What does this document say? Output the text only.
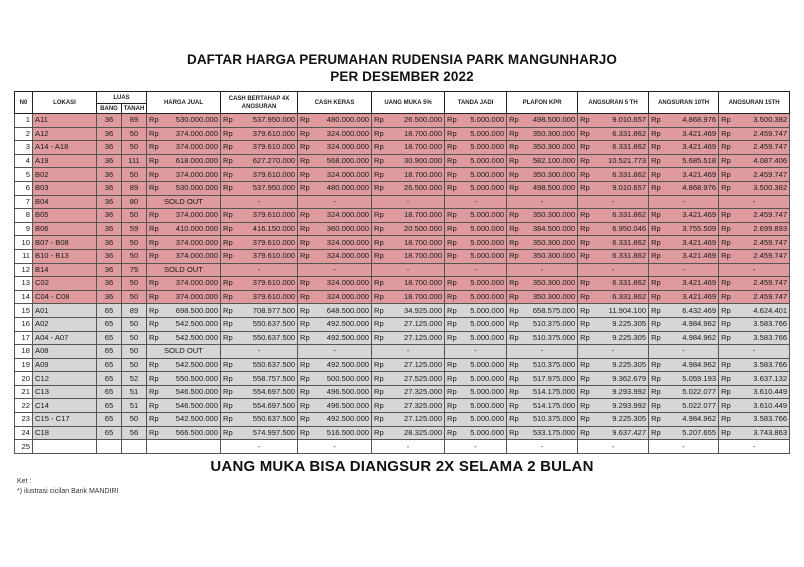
DAFTAR HARGA PERUMAHAN RUDENSIA PARK MANGUNHARJO
PER DESEMBER 2022
N0	LOKASI	LUAS		HARGA JUAL		CASH BERTAHAP 4X ANGSURAN		CASH KERAS		UANG MUKA 5%		TANDA JADI		PLAFON KPR		ANGSURAN 5 TH		ANGSURAN 10TH		ANGSURAN 15TH	
		BANG	TANAH																		
1	A11	36	89	Rp	530.000.000	Rp	537.950.000	Rp	480.000.000	Rp	26.500.000	Rp	5.000.000	Rp	498.500.000	Rp	9.010.657	Rp	4.868.976	Rp	3.500.382
2	A12	36	50	Rp	374.000.000	Rp	379.610.000	Rp	324.000.000	Rp	18.700.000	Rp	5.000.000	Rp	350.300.000	Rp	6.331.862	Rp	3.421.469	Rp	2.459.747
3	A14 - A18	36	50	Rp	374.000.000	Rp	379.610.000	Rp	324.000.000	Rp	18.700.000	Rp	5.000.000	Rp	350.300.000	Rp	6.331.862	Rp	3.421.469	Rp	2.459.747
4	A19	36	111	Rp	618.000.000	Rp	627.270.000	Rp	568.000.000	Rp	30.900.000	Rp	5.000.000	Rp	582.100.000	Rp	10.521.773	Rp	5.685.518	Rp	4.087.406
5	B02	36	50	Rp	374.000.000	Rp	379.610.000	Rp	324.000.000	Rp	18.700.000	Rp	5.000.000	Rp	350.300.000	Rp	6.331.862	Rp	3.421.469	Rp	2.459.747
6	B03	36	89	Rp	530.000.000	Rp	537.950.000	Rp	480.000.000	Rp	26.500.000	Rp	5.000.000	Rp	498.500.000	Rp	9.010.657	Rp	4.868.976	Rp	3.500.382
7	B04	36	80	SOLD OUT		-		-		-		-		-		-		-		-	
8	B05	36	50	Rp	374.000.000	Rp	379.610.000	Rp	324.000.000	Rp	18.700.000	Rp	5.000.000	Rp	350.300.000	Rp	6.331.862	Rp	3.421.469	Rp	2.459.747
9	B06	36	59	Rp	410.000.000	Rp	416.150.000	Rp	360.000.000	Rp	20.500.000	Rp	5.000.000	Rp	384.500.000	Rp	6.950.046	Rp	3.755.509	Rp	2.699.893
10	B07 - B08	36	50	Rp	374.000.000	Rp	379.610.000	Rp	324.000.000	Rp	18.700.000	Rp	5.000.000	Rp	350.300.000	Rp	6.331.862	Rp	3.421.469	Rp	2.459.747
11	B10 - B13	36	50	Rp	374.000.000	Rp	379.610.000	Rp	324.000.000	Rp	18.700.000	Rp	5.000.000	Rp	350.300.000	Rp	6.331.862	Rp	3.421.469	Rp	2.459.747
12	B14	36	75	SOLD OUT		-		-		-		-		-		-		-		-	
13	C02	36	50	Rp	374.000.000	Rp	379.610.000	Rp	324.000.000	Rp	18.700.000	Rp	5.000.000	Rp	350.300.000	Rp	6.331.862	Rp	3.421.469	Rp	2.459.747
14	C04 - C08	36	50	Rp	374.000.000	Rp	379.610.000	Rp	324.000.000	Rp	18.700.000	Rp	5.000.000	Rp	350.300.000	Rp	6.331.862	Rp	3.421.469	Rp	2.459.747
15	A01	65	89	Rp	698.500.000	Rp	708.977.500	Rp	648.500.000	Rp	34.925.000	Rp	5.000.000	Rp	658.575.000	Rp	11.904.100	Rp	6.432.469	Rp	4.624.401
16	A02	65	50	Rp	542.500.000	Rp	550.637.500	Rp	492.500.000	Rp	27.125.000	Rp	5.000.000	Rp	510.375.000	Rp	9.225.305	Rp	4.984.962	Rp	3.583.766
17	A04 - A07	65	50	Rp	542.500.000	Rp	550.637.500	Rp	492.500.000	Rp	27.125.000	Rp	5.000.000	Rp	510.375.000	Rp	9.225.305	Rp	4.984.962	Rp	3.583.766
18	A08	65	50	SOLD OUT		-		-		-		-		-		-		-		-	
19	A09	65	50	Rp	542.500.000	Rp	550.637.500	Rp	492.500.000	Rp	27.125.000	Rp	5.000.000	Rp	510.375.000	Rp	9.225.305	Rp	4.984.962	Rp	3.583.766
20	C12	65	52	Rp	550.500.000	Rp	558.757.500	Rp	500.500.000	Rp	27.525.000	Rp	5.000.000	Rp	517.975.000	Rp	9.362.679	Rp	5.059.193	Rp	3.637.132
21	C13	65	51	Rp	546.500.000	Rp	554.697.500	Rp	496.500.000	Rp	27.325.000	Rp	5.000.000	Rp	514.175.000	Rp	9.293.992	Rp	5.022.077	Rp	3.610.449
22	C14	65	51	Rp	546.500.000	Rp	554.697.500	Rp	496.500.000	Rp	27.325.000	Rp	5.000.000	Rp	514.175.000	Rp	9.293.992	Rp	5.022.077	Rp	3.610.449
23	C15 - C17	65	50	Rp	542.500.000	Rp	550.637.500	Rp	492.500.000	Rp	27.125.000	Rp	5.000.000	Rp	510.375.000	Rp	9.225.305	Rp	4.984.962	Rp	3.583.766
24	C18	65	56	Rp	566.500.000	Rp	574.997.500	Rp	516.500.000	Rp	28.325.000	Rp	5.000.000	Rp	533.175.000	Rp	9.637.427	Rp	5.207.655	Rp	3.743.863
25						-		-		-		-		-		-		-		-	
UANG MUKA BISA DIANGSUR 2X SELAMA 2 BULAN
Ket :
*) ilustrasi cicilan Bank MANDIRI
